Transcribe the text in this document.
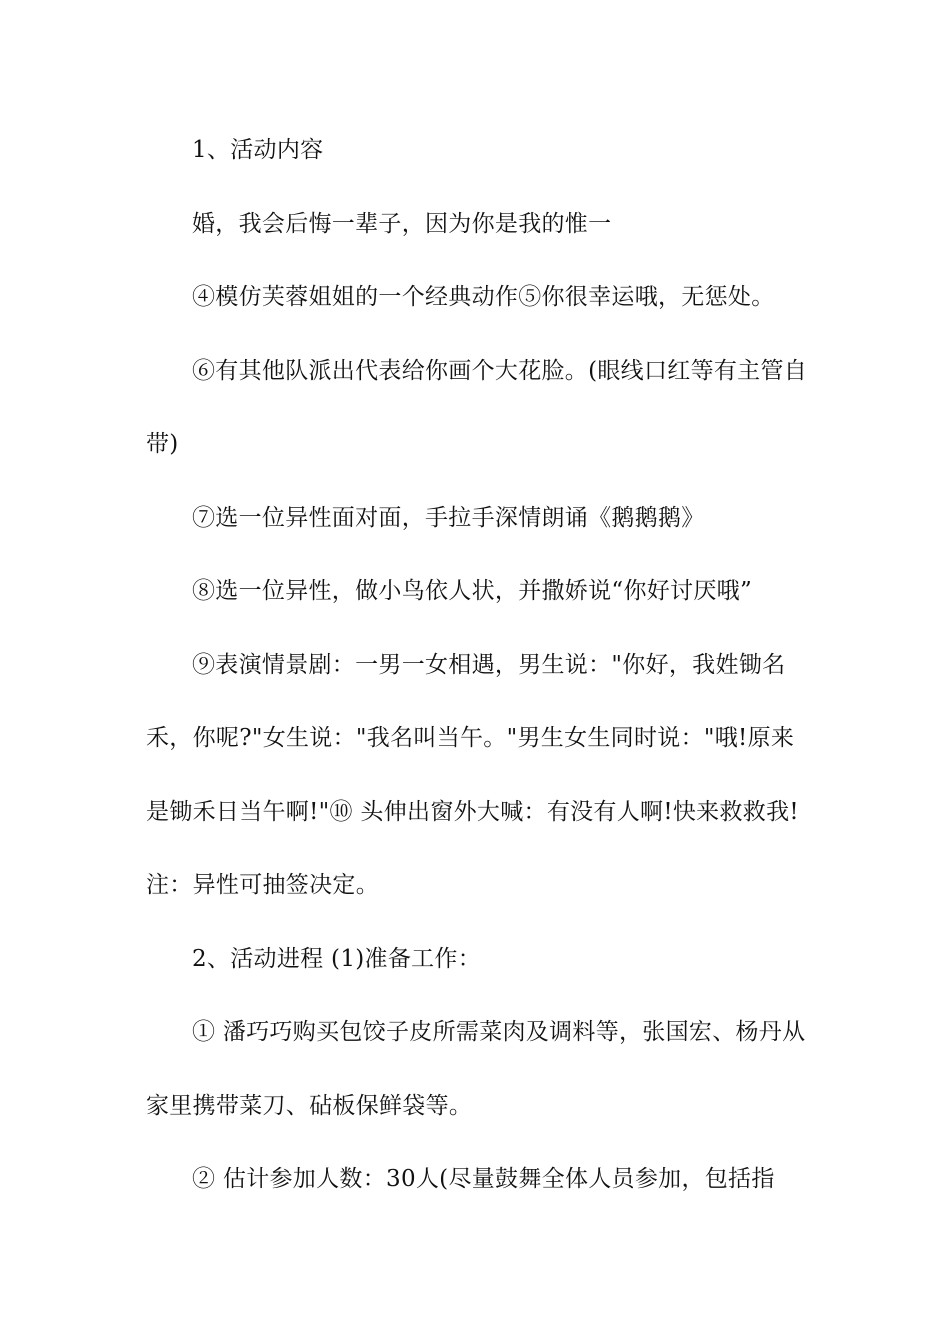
1、活动内容

婚，我会后悔一辈子，因为你是我的惟一

④模仿芙蓉姐姐的一个经典动作⑤你很幸运哦，无惩处。

⑥有其他队派出代表给你画个大花脸。(眼线口红等有主管自带)

⑦选一位异性面对面，手拉手深情朗诵《鹅鹅鹅》

⑧选一位异性，做小鸟依人状，并撒娇说“你好讨厌哦”

⑨表演情景剧：一男一女相遇，男生说："你好，我姓锄名禾，你呢?"女生说："我名叫当午。"男生女生同时说："哦!原来是锄禾日当午啊!"⑩ 头伸出窗外大喊：有没有人啊!快来救救我! 注：异性可抽签决定。

2、活动进程 (1)准备工作：

① 潘巧巧购买包饺子皮所需菜肉及调料等，张国宏、杨丹从家里携带菜刀、砧板保鲜袋等。

② 估计参加人数：30人(尽量鼓舞全体人员参加，包括指
